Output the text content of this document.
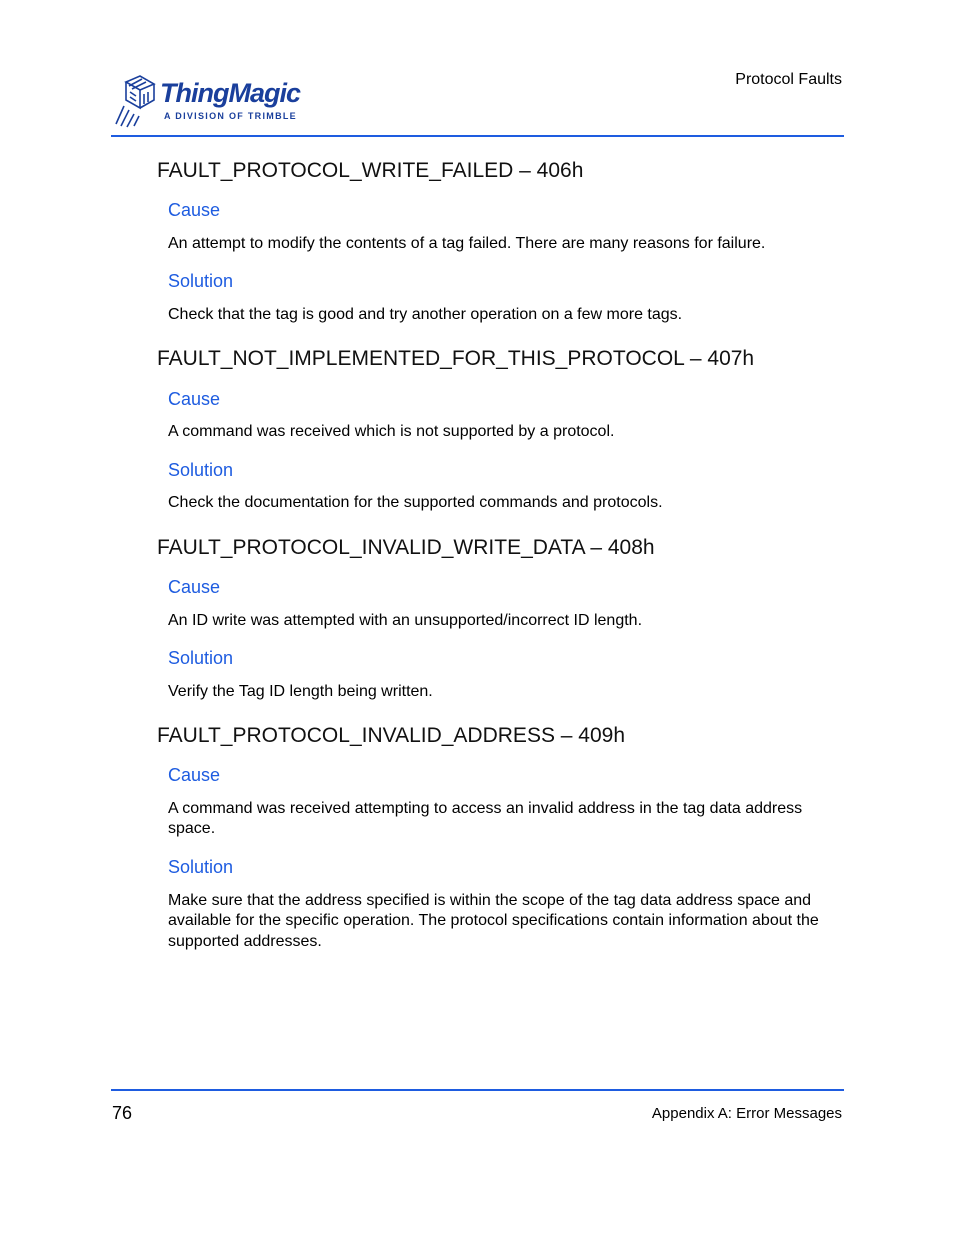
ThingMagic
A DIVISION OF TRIMBLE
Protocol Faults
FAULT_PROTOCOL_WRITE_FAILED – 406h
Cause

An attempt to modify the contents of a tag failed. There are many reasons for failure.

Solution

Check that the tag is good and try another operation on a few more tags.

FAULT_NOT_IMPLEMENTED_FOR_THIS_PROTOCOL – 407h
Cause

A command was received which is not supported by a protocol.

Solution

Check the documentation for the supported commands and protocols.

FAULT_PROTOCOL_INVALID_WRITE_DATA – 408h
Cause

An ID write was attempted with an unsupported/incorrect ID length.

Solution

Verify the Tag ID length being written.

FAULT_PROTOCOL_INVALID_ADDRESS – 409h
Cause

A command was received attempting to access an invalid address in the tag data address space.

Solution

Make sure that the address specified is within the scope of the tag data address space and available for the specific operation. The protocol specifications contain information about the supported addresses.

76	Appendix A: Error Messages
